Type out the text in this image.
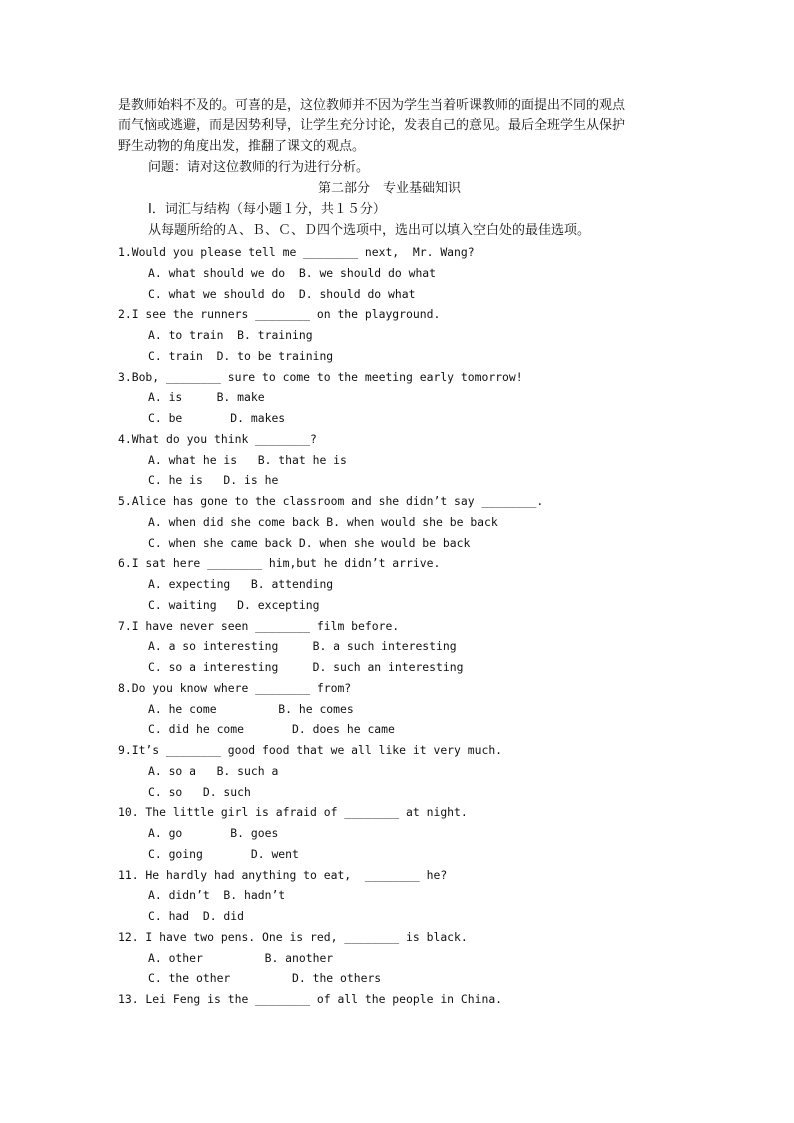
是教师始料不及的。可喜的是，这位教师并不因为学生当着听课教师的面提出不同的观点
而气恼或逃避，而是因势利导，让学生充分讨论，发表自己的意见。最后全班学生从保护
野生动物的角度出发，推翻了课文的观点。
问题：请对这位教师的行为进行分析。
第二部分　专业基础知识
Ⅰ．词汇与结构（每小题１分，共１５分）
从每题所给的Ａ、Ｂ、Ｃ、Ｄ四个选项中，选出可以填入空白处的最佳选项。
1.Would you please tell me ________ next,  Mr. Wang?
A. what should we do  B. we should do what
C. what we should do  D. should do what
2.I see the runners ________ on the playground.
A. to train  B. training
C. train  D. to be training
3.Bob, ________ sure to come to the meeting early tomorrow!
A. is     B. make
C. be       D. makes
4.What do you think ________?
A. what he is   B. that he is
C. he is   D. is he
5.Alice has gone to the classroom and she didn’t say ________.
A. when did she come back B. when would she be back
C. when she came back D. when she would be back
6.I sat here ________ him,but he didn’t arrive.
A. expecting   B. attending
C. waiting   D. excepting
7.I have never seen ________ film before.
A. a so interesting     B. a such interesting
C. so a interesting     D. such an interesting
8.Do you know where ________ from?
A. he come         B. he comes
C. did he come       D. does he came
9.It’s ________ good food that we all like it very much.
A. so a   B. such a
C. so   D. such
10. The little girl is afraid of ________ at night.
A. go       B. goes
C. going       D. went
11. He hardly had anything to eat,  ________ he?
A. didn’t  B. hadn’t
C. had  D. did
12. I have two pens. One is red, ________ is black.
A. other         B. another
C. the other         D. the others
13. Lei Feng is the ________ of all the people in China.
